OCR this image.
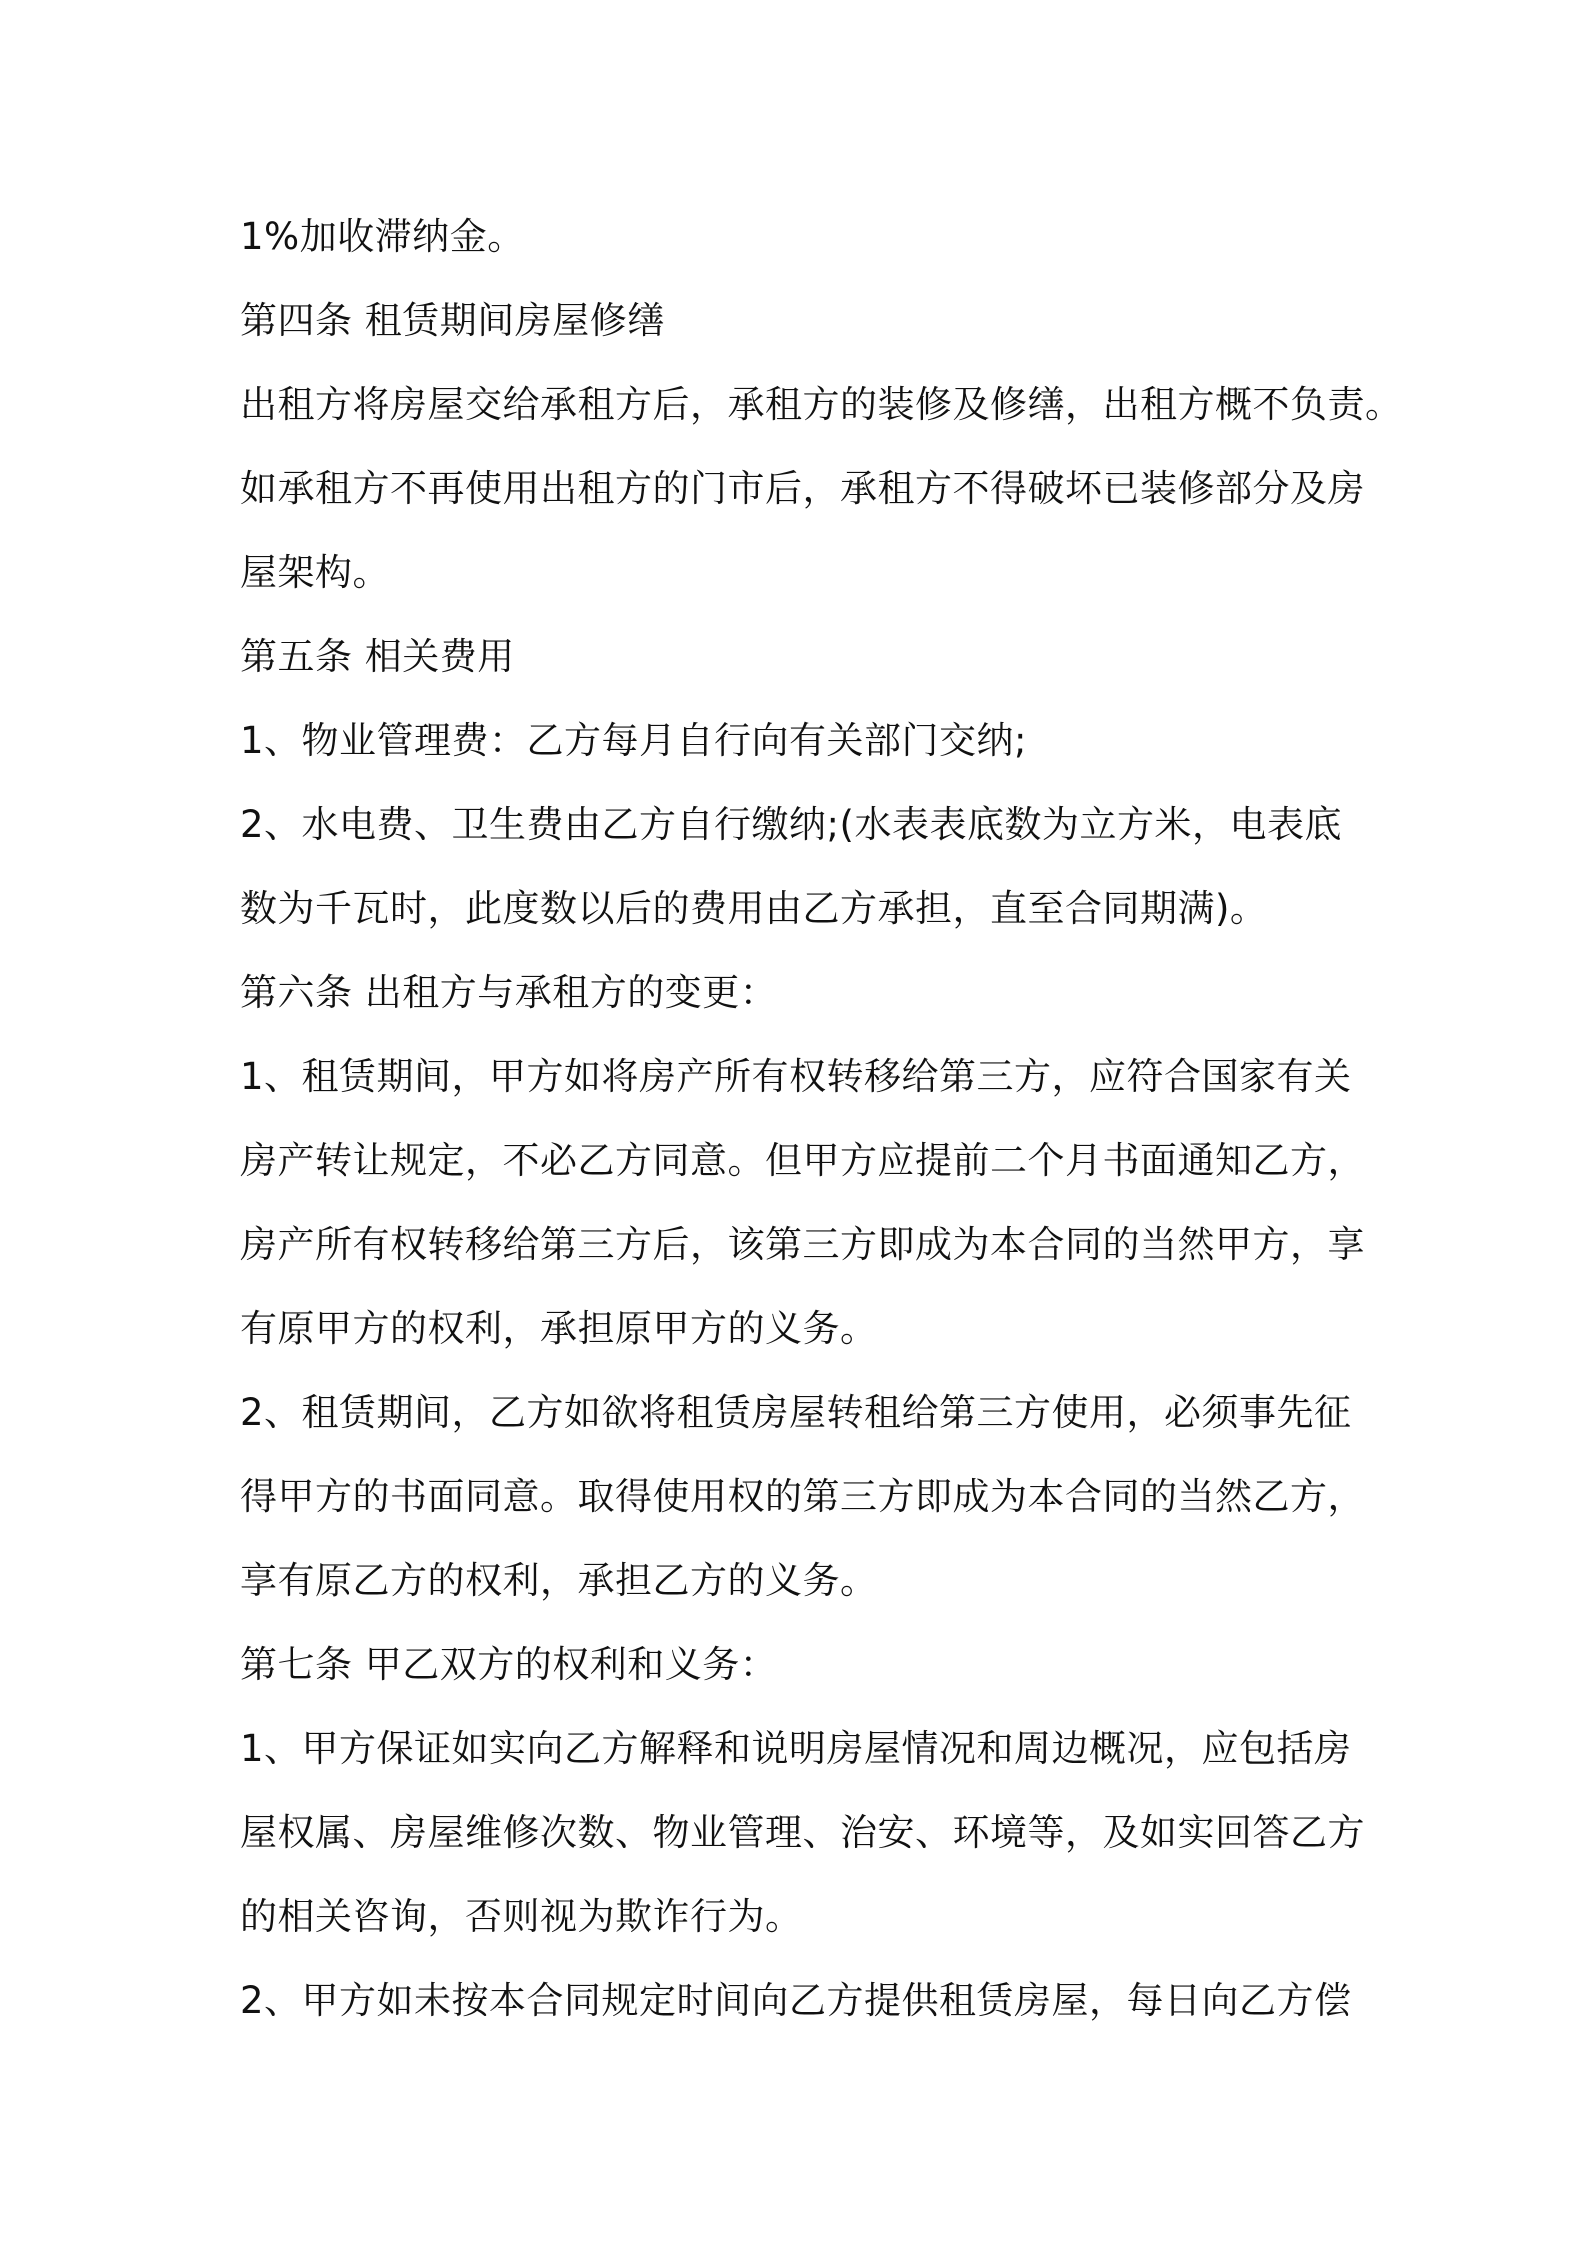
1%加收滞纳金。
第四条 租赁期间房屋修缮
出租方将房屋交给承租方后，承租方的装修及修缮，出租方概不负责。
如承租方不再使用出租方的门市后，承租方不得破坏已装修部分及房
屋架构。
第五条 相关费用
1、物业管理费：乙方每月自行向有关部门交纳;
2、水电费、卫生费由乙方自行缴纳;(水表表底数为立方米，电表底
数为千瓦时，此度数以后的费用由乙方承担，直至合同期满)。
第六条 出租方与承租方的变更：
1、租赁期间，甲方如将房产所有权转移给第三方，应符合国家有关
房产转让规定，不必乙方同意。但甲方应提前二个月书面通知乙方，
房产所有权转移给第三方后，该第三方即成为本合同的当然甲方，享
有原甲方的权利，承担原甲方的义务。
2、租赁期间，乙方如欲将租赁房屋转租给第三方使用，必须事先征
得甲方的书面同意。取得使用权的第三方即成为本合同的当然乙方，
享有原乙方的权利，承担乙方的义务。
第七条 甲乙双方的权利和义务：
1、甲方保证如实向乙方解释和说明房屋情况和周边概况，应包括房
屋权属、房屋维修次数、物业管理、治安、环境等，及如实回答乙方
的相关咨询，否则视为欺诈行为。
2、甲方如未按本合同规定时间向乙方提供租赁房屋，每日向乙方偿
